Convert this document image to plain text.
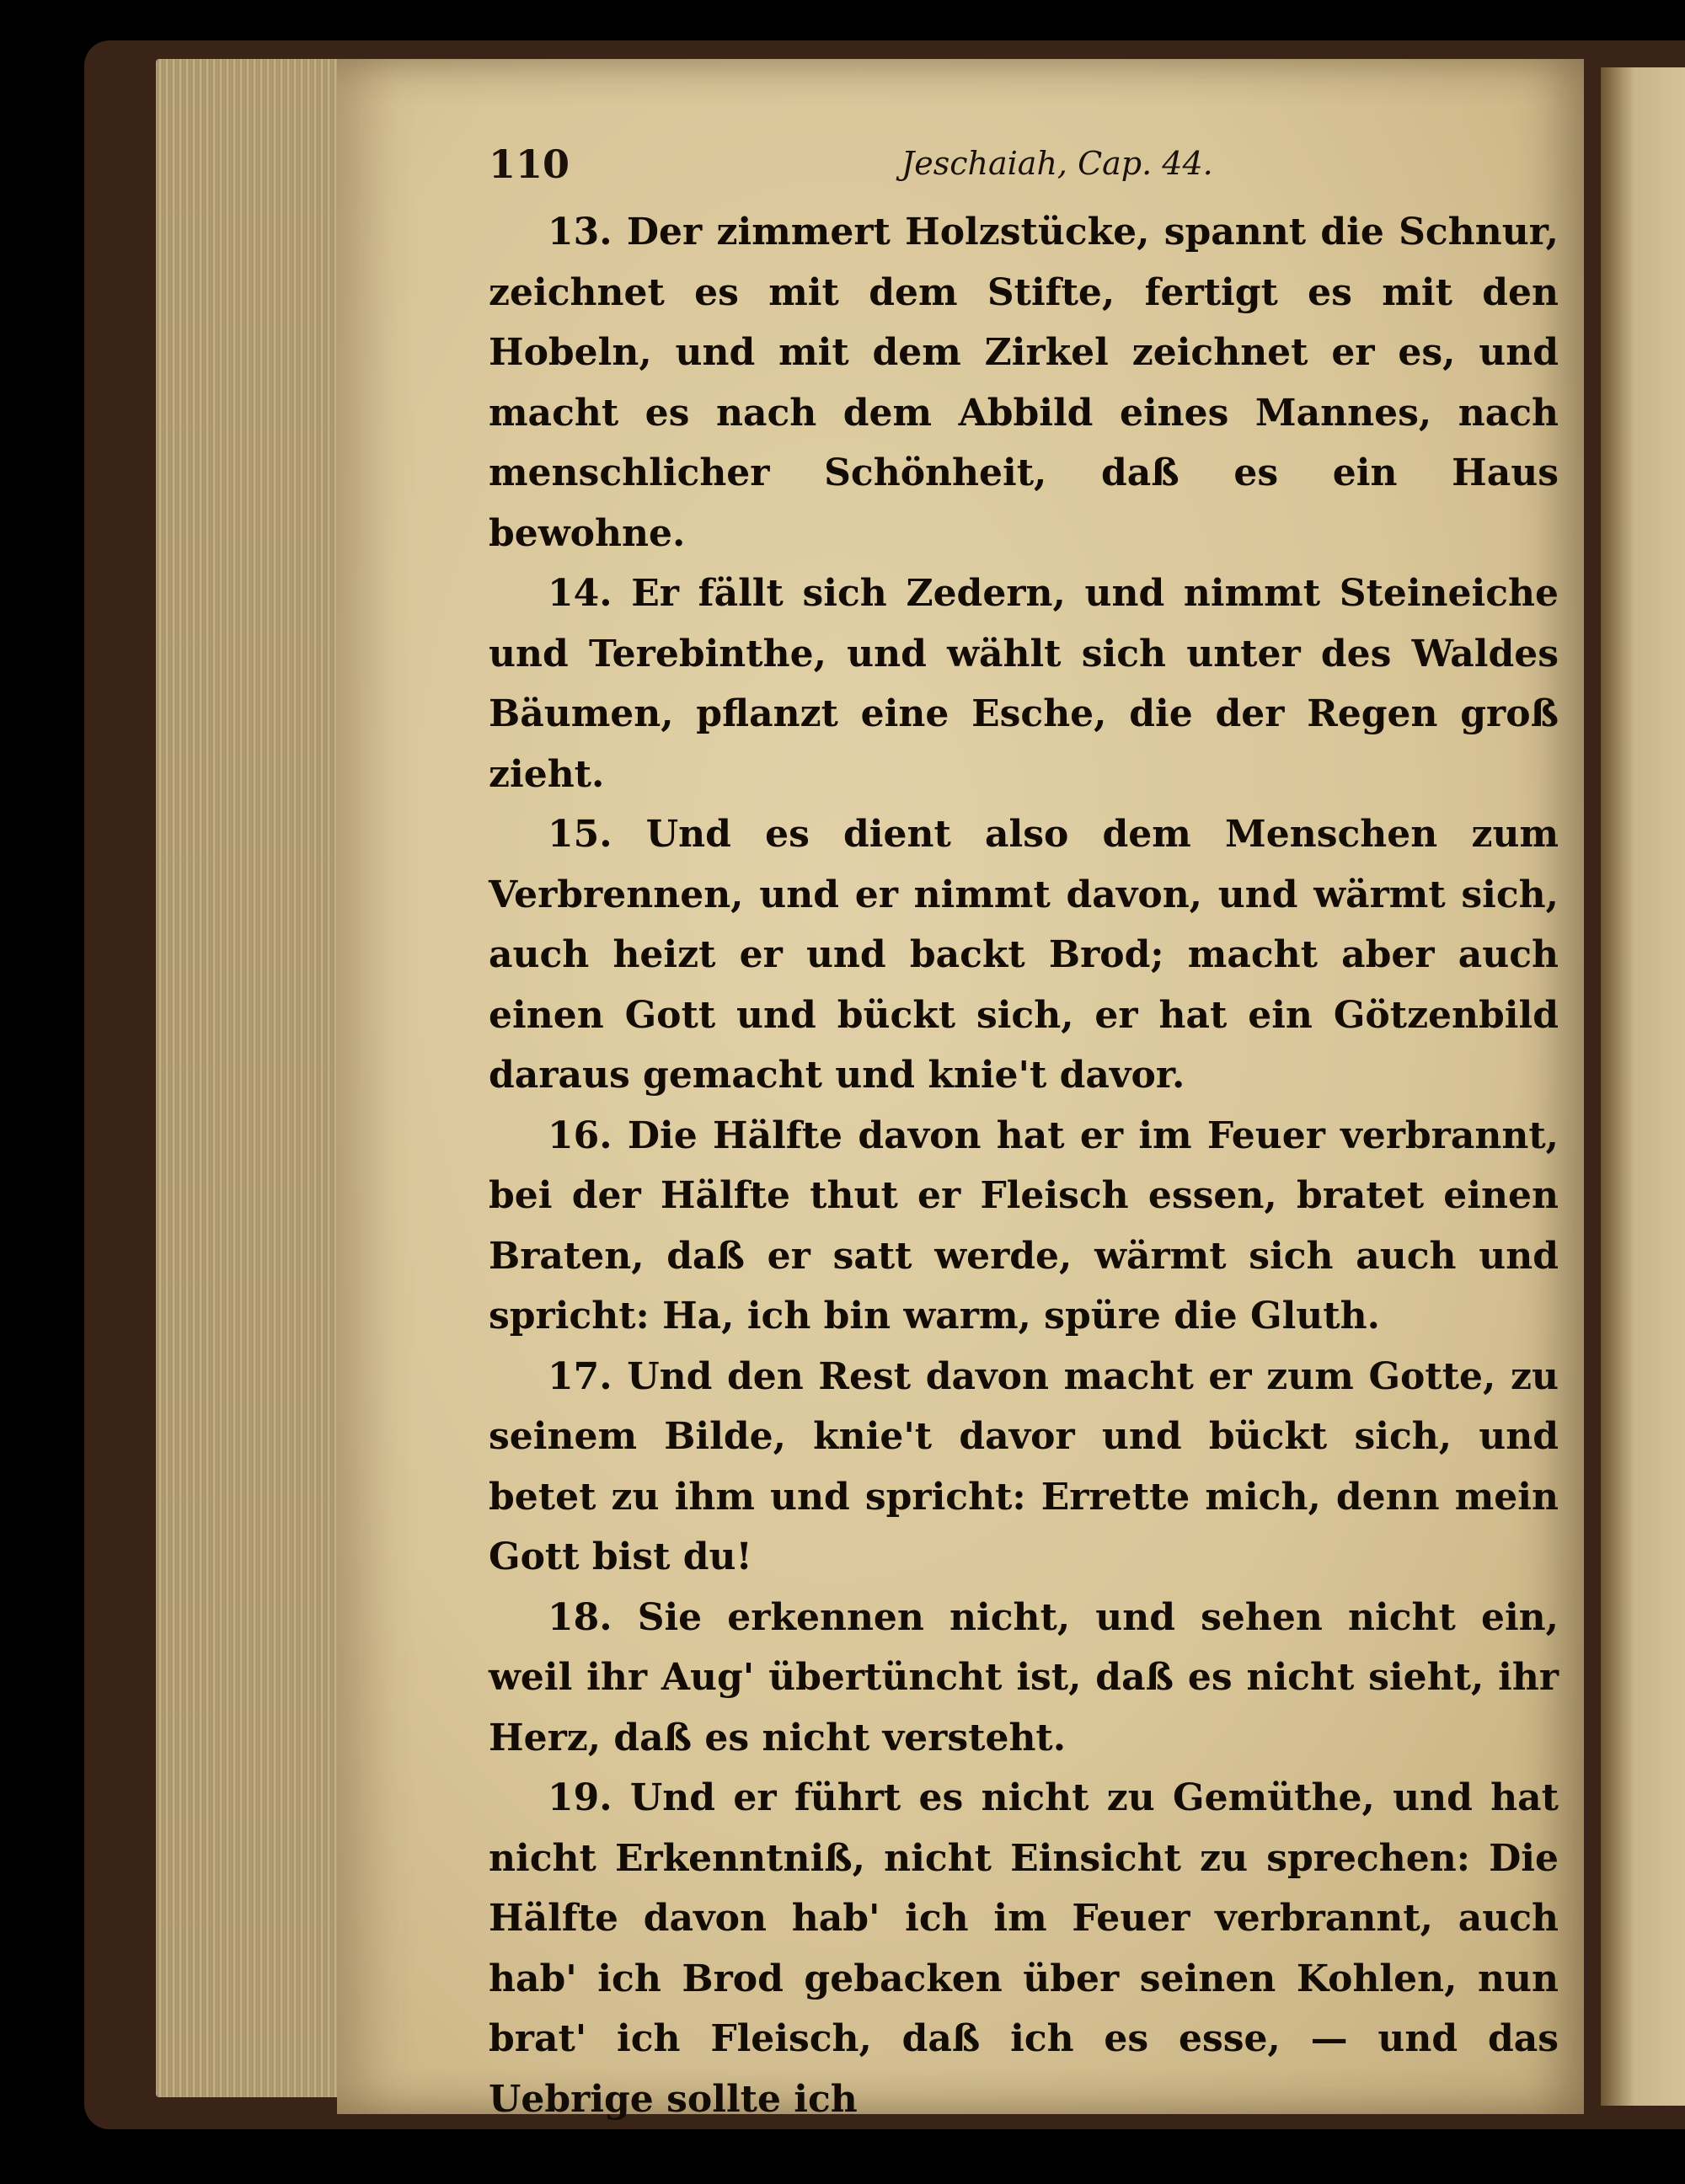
110	Jeschaiah, Cap. 44.

13. Der zimmert Holzstücke, spannt die Schnur, zeichnet es mit dem Stifte, fertigt es mit den Hobeln, und mit dem Zirkel zeichnet er es, und macht es nach dem Abbild eines Mannes, nach menschlicher Schönheit, daß es ein Haus bewohne.

14. Er fällt sich Zedern, und nimmt Steineiche und Terebinthe, und wählt sich unter des Waldes Bäumen, pflanzt eine Esche, die der Regen groß zieht.

15. Und es dient also dem Menschen zum Verbrennen, und er nimmt davon, und wärmt sich, auch heizt er und backt Brod; macht aber auch einen Gott und bückt sich, er hat ein Götzenbild daraus gemacht und knie't davor.

16. Die Hälfte davon hat er im Feuer verbrannt, bei der Hälfte thut er Fleisch essen, bratet einen Braten, daß er satt werde, wärmt sich auch und spricht: Ha, ich bin warm, spüre die Gluth.

17. Und den Rest davon macht er zum Gotte, zu seinem Bilde, knie't davor und bückt sich, und betet zu ihm und spricht: Errette mich, denn mein Gott bist du!

18. Sie erkennen nicht, und sehen nicht ein, weil ihr Aug' übertüncht ist, daß es nicht sieht, ihr Herz, daß es nicht versteht.

19. Und er führt es nicht zu Gemüthe, und hat nicht Erkenntniß, nicht Einsicht zu sprechen: Die Hälfte davon hab' ich im Feuer verbrannt, auch hab' ich Brod gebacken über seinen Kohlen, nun brat' ich Fleisch, daß ich es esse, — und das Uebrige sollte ich
